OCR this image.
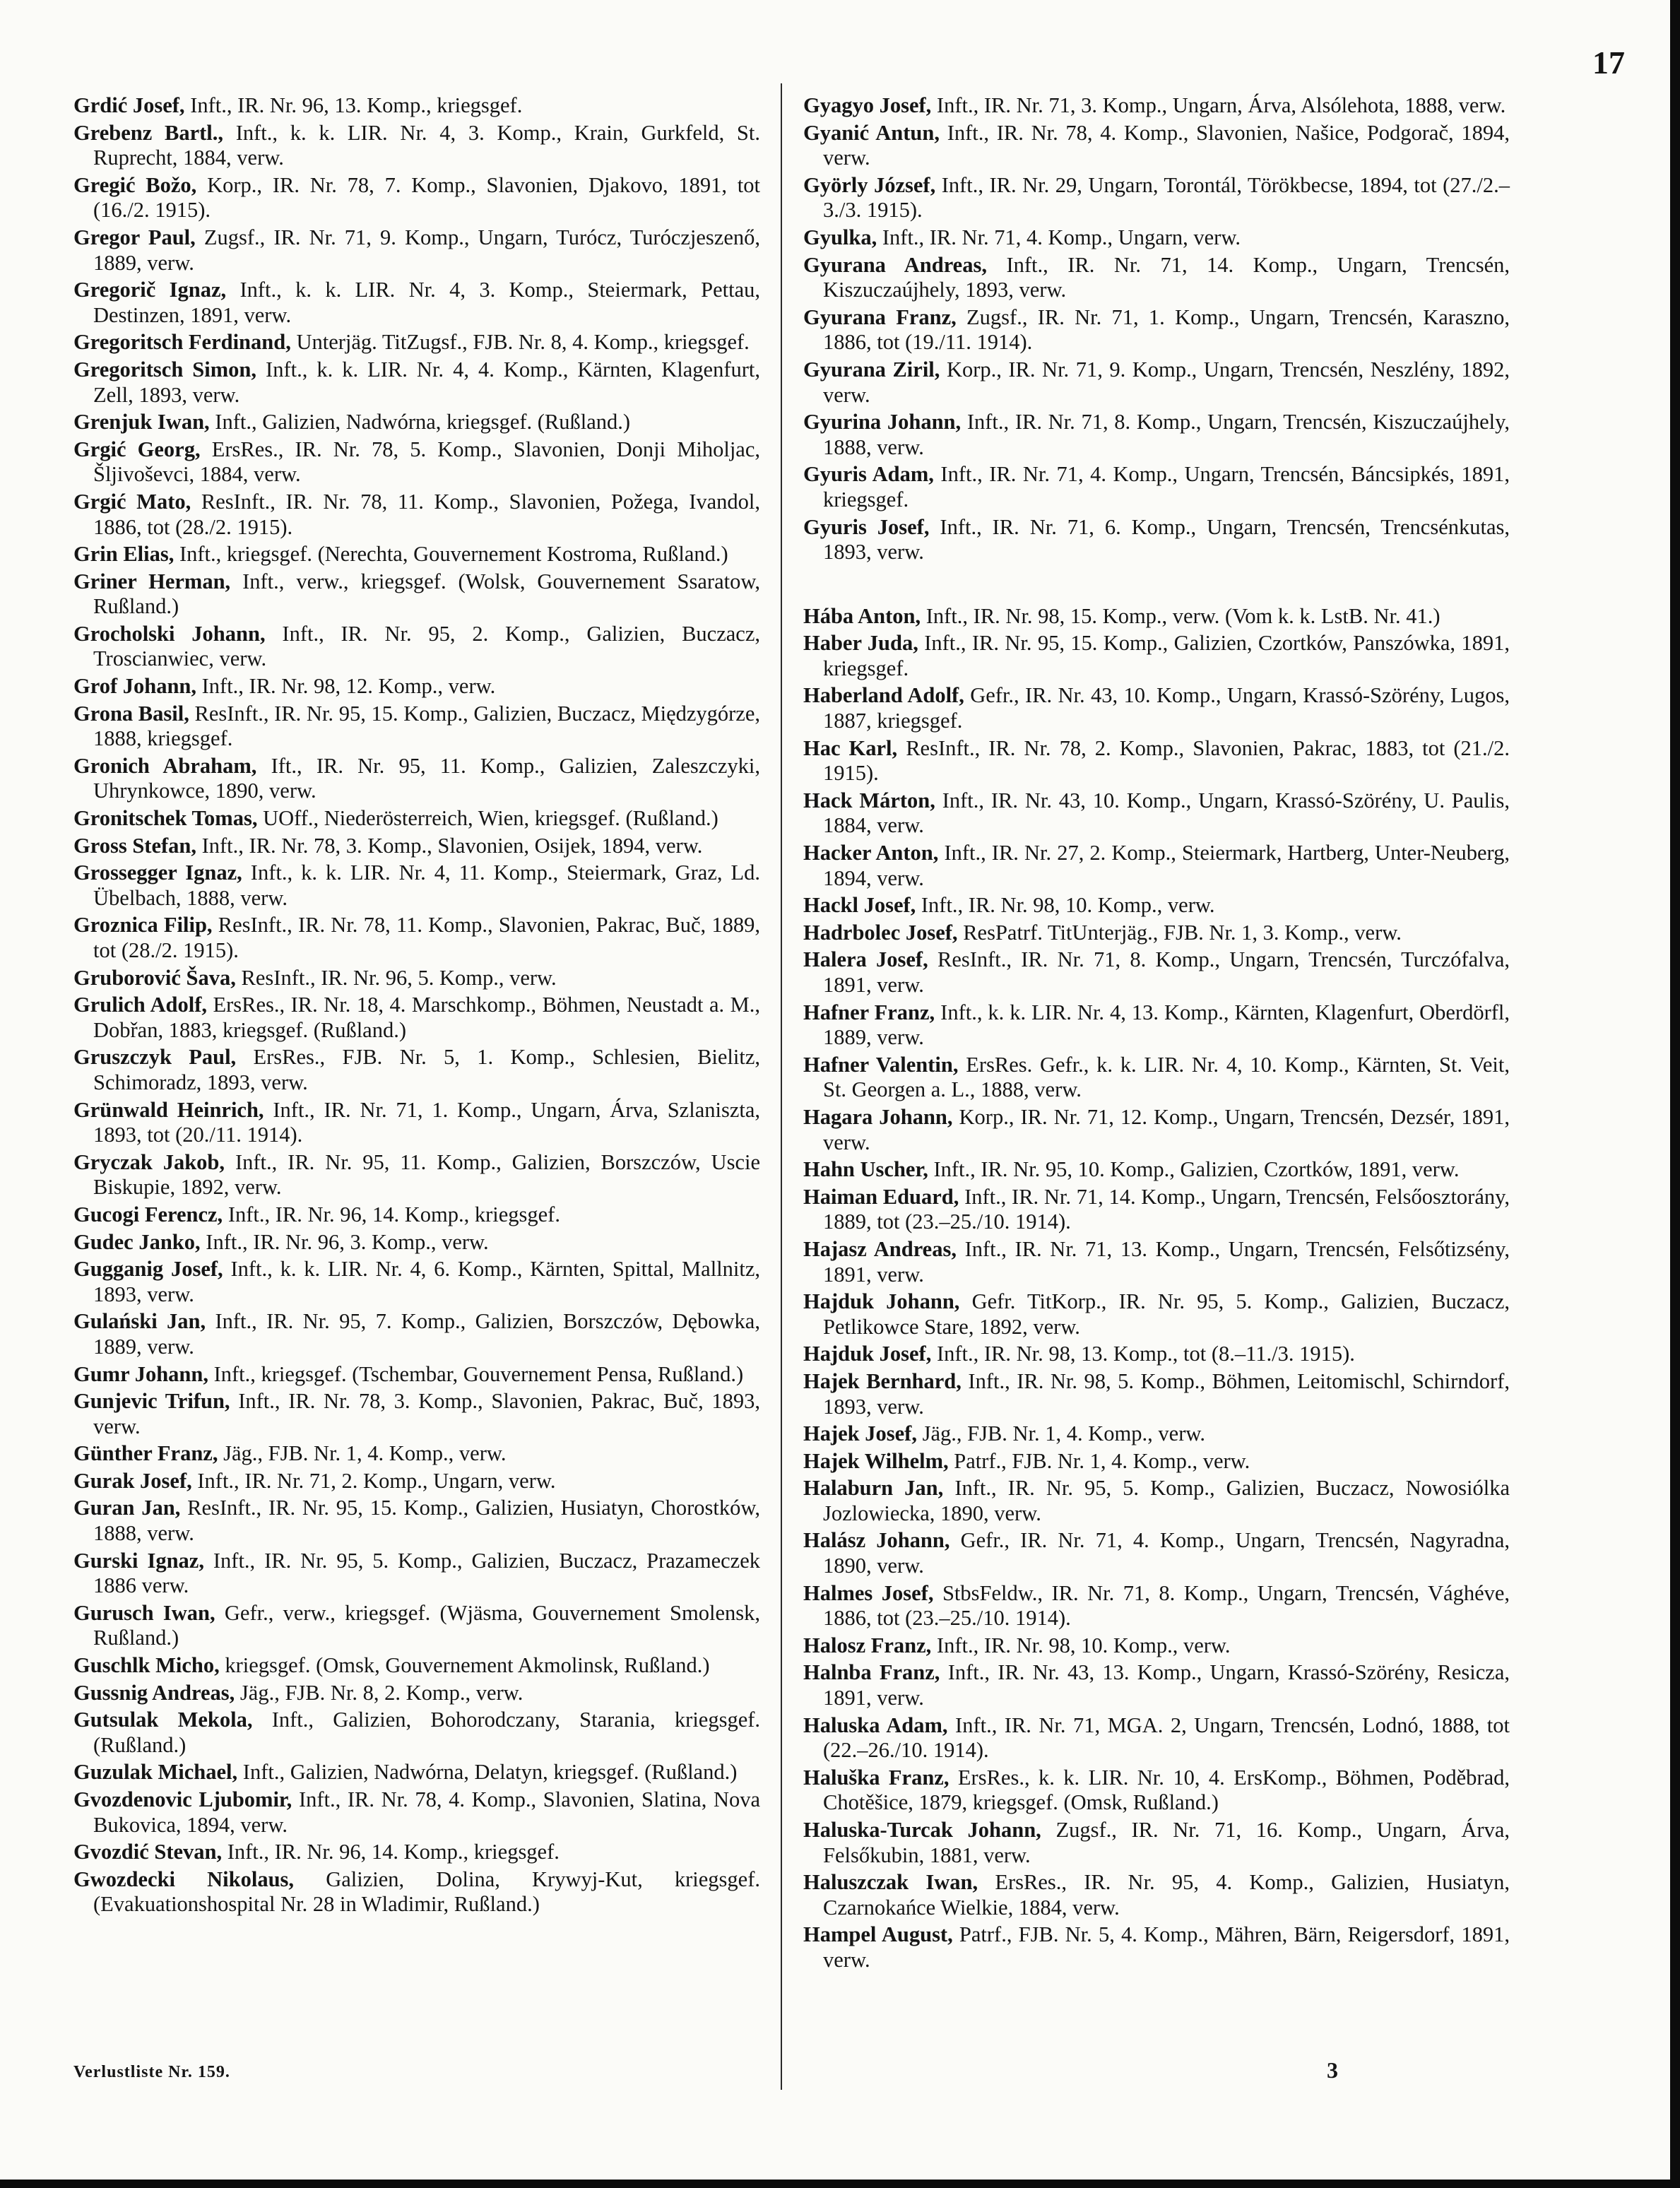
17

Grdić Josef, Inft., IR. Nr. 96, 13. Komp., kriegsgef.

Grebenz Bartl., Inft., k. k. LIR. Nr. 4, 3. Komp., Krain, Gurkfeld, St. Ruprecht, 1884, verw.

Gregić Božo, Korp., IR. Nr. 78, 7. Komp., Slavonien, Djakovo, 1891, tot (16./2. 1915).

Gregor Paul, Zugsf., IR. Nr. 71, 9. Komp., Ungarn, Turócz, Turóczjeszenő, 1889, verw.

Gregorič Ignaz, Inft., k. k. LIR. Nr. 4, 3. Komp., Steiermark, Pettau, Destinzen, 1891, verw.

Gregoritsch Ferdinand, Unterjäg. TitZugsf., FJB. Nr. 8, 4. Komp., kriegsgef.

Gregoritsch Simon, Inft., k. k. LIR. Nr. 4, 4. Komp., Kärnten, Klagenfurt, Zell, 1893, verw.

Grenjuk Iwan, Inft., Galizien, Nadwórna, kriegsgef. (Rußland.)

Grgić Georg, ErsRes., IR. Nr. 78, 5. Komp., Slavonien, Donji Miholjac, Šljivoševci, 1884, verw.

Grgić Mato, ResInft., IR. Nr. 78, 11. Komp., Slavonien, Požega, Ivandol, 1886, tot (28./2. 1915).

Grin Elias, Inft., kriegsgef. (Nerechta, Gouvernement Kostroma, Rußland.)

Griner Herman, Inft., verw., kriegsgef. (Wolsk, Gouvernement Ssaratow, Rußland.)

Grocholski Johann, Inft., IR. Nr. 95, 2. Komp., Galizien, Buczacz, Troscianwiec, verw.

Grof Johann, Inft., IR. Nr. 98, 12. Komp., verw.

Grona Basil, ResInft., IR. Nr. 95, 15. Komp., Galizien, Buczacz, Międzygórze, 1888, kriegsgef.

Gronich Abraham, Ift., IR. Nr. 95, 11. Komp., Galizien, Zaleszczyki, Uhrynkowce, 1890, verw.

Gronitschek Tomas, UOff., Niederösterreich, Wien, kriegsgef. (Rußland.)

Gross Stefan, Inft., IR. Nr. 78, 3. Komp., Slavonien, Osijek, 1894, verw.

Grossegger Ignaz, Inft., k. k. LIR. Nr. 4, 11. Komp., Steiermark, Graz, Ld. Übelbach, 1888, verw.

Groznica Filip, ResInft., IR. Nr. 78, 11. Komp., Slavonien, Pakrac, Buč, 1889, tot (28./2. 1915).

Gruborović Šava, ResInft., IR. Nr. 96, 5. Komp., verw.

Grulich Adolf, ErsRes., IR. Nr. 18, 4. Marschkomp., Böhmen, Neustadt a. M., Dobřan, 1883, kriegsgef. (Rußland.)

Gruszczyk Paul, ErsRes., FJB. Nr. 5, 1. Komp., Schlesien, Bielitz, Schimoradz, 1893, verw.

Grünwald Heinrich, Inft., IR. Nr. 71, 1. Komp., Ungarn, Árva, Szlaniszta, 1893, tot (20./11. 1914).

Gryczak Jakob, Inft., IR. Nr. 95, 11. Komp., Galizien, Borszczów, Uscie Biskupie, 1892, verw.

Gucogi Ferencz, Inft., IR. Nr. 96, 14. Komp., kriegsgef.

Gudec Janko, Inft., IR. Nr. 96, 3. Komp., verw.

Gugganig Josef, Inft., k. k. LIR. Nr. 4, 6. Komp., Kärnten, Spittal, Mallnitz, 1893, verw.

Gulański Jan, Inft., IR. Nr. 95, 7. Komp., Galizien, Borszczów, Dębowka, 1889, verw.

Gumr Johann, Inft., kriegsgef. (Tschembar, Gouvernement Pensa, Rußland.)

Gunjevic Trifun, Inft., IR. Nr. 78, 3. Komp., Slavonien, Pakrac, Buč, 1893, verw.

Günther Franz, Jäg., FJB. Nr. 1, 4. Komp., verw.

Gurak Josef, Inft., IR. Nr. 71, 2. Komp., Ungarn, verw.

Guran Jan, ResInft., IR. Nr. 95, 15. Komp., Galizien, Husiatyn, Chorostków, 1888, verw.

Gurski Ignaz, Inft., IR. Nr. 95, 5. Komp., Galizien, Buczacz, Prazameczek 1886 verw.

Gurusch Iwan, Gefr., verw., kriegsgef. (Wjäsma, Gouvernement Smolensk, Rußland.)

Guschlk Micho, kriegsgef. (Omsk, Gouvernement Akmolinsk, Rußland.)

Gussnig Andreas, Jäg., FJB. Nr. 8, 2. Komp., verw.

Gutsulak Mekola, Inft., Galizien, Bohorodczany, Starania, kriegsgef. (Rußland.)

Guzulak Michael, Inft., Galizien, Nadwórna, Delatyn, kriegsgef. (Rußland.)

Gvozdenovic Ljubomir, Inft., IR. Nr. 78, 4. Komp., Slavonien, Slatina, Nova Bukovica, 1894, verw.

Gvozdić Stevan, Inft., IR. Nr. 96, 14. Komp., kriegsgef.

Gwozdecki Nikolaus, Galizien, Dolina, Krywyj-Kut, kriegsgef. (Evakuationshospital Nr. 28 in Wladimir, Rußland.)

Gyagyo Josef, Inft., IR. Nr. 71, 3. Komp., Ungarn, Árva, Alsólehota, 1888, verw.

Gyanić Antun, Inft., IR. Nr. 78, 4. Komp., Slavonien, Našice, Podgorač, 1894, verw.

Györly József, Inft., IR. Nr. 29, Ungarn, Torontál, Törökbecse, 1894, tot (27./2.–3./3. 1915).

Gyulka, Inft., IR. Nr. 71, 4. Komp., Ungarn, verw.

Gyurana Andreas, Inft., IR. Nr. 71, 14. Komp., Ungarn, Trencsén, Kiszuczaújhely, 1893, verw.

Gyurana Franz, Zugsf., IR. Nr. 71, 1. Komp., Ungarn, Trencsén, Karaszno, 1886, tot (19./11. 1914).

Gyurana Ziril, Korp., IR. Nr. 71, 9. Komp., Ungarn, Trencsén, Neszlény, 1892, verw.

Gyurina Johann, Inft., IR. Nr. 71, 8. Komp., Ungarn, Trencsén, Kiszuczaújhely, 1888, verw.

Gyuris Adam, Inft., IR. Nr. 71, 4. Komp., Ungarn, Trencsén, Báncsipkés, 1891, kriegsgef.

Gyuris Josef, Inft., IR. Nr. 71, 6. Komp., Ungarn, Trencsén, Trencsénkutas, 1893, verw.

Hába Anton, Inft., IR. Nr. 98, 15. Komp., verw. (Vom k. k. LstB. Nr. 41.)

Haber Juda, Inft., IR. Nr. 95, 15. Komp., Galizien, Czortków, Panszówka, 1891, kriegsgef.

Haberland Adolf, Gefr., IR. Nr. 43, 10. Komp., Ungarn, Krassó-Szörény, Lugos, 1887, kriegsgef.

Hac Karl, ResInft., IR. Nr. 78, 2. Komp., Slavonien, Pakrac, 1883, tot (21./2. 1915).

Hack Márton, Inft., IR. Nr. 43, 10. Komp., Ungarn, Krassó-Szörény, U. Paulis, 1884, verw.

Hacker Anton, Inft., IR. Nr. 27, 2. Komp., Steiermark, Hartberg, Unter-Neuberg, 1894, verw.

Hackl Josef, Inft., IR. Nr. 98, 10. Komp., verw.

Hadrbolec Josef, ResPatrf. TitUnterjäg., FJB. Nr. 1, 3. Komp., verw.

Halera Josef, ResInft., IR. Nr. 71, 8. Komp., Ungarn, Trencsén, Turczófalva, 1891, verw.

Hafner Franz, Inft., k. k. LIR. Nr. 4, 13. Komp., Kärnten, Klagenfurt, Oberdörfl, 1889, verw.

Hafner Valentin, ErsRes. Gefr., k. k. LIR. Nr. 4, 10. Komp., Kärnten, St. Veit, St. Georgen a. L., 1888, verw.

Hagara Johann, Korp., IR. Nr. 71, 12. Komp., Ungarn, Trencsén, Dezsér, 1891, verw.

Hahn Uscher, Inft., IR. Nr. 95, 10. Komp., Galizien, Czortków, 1891, verw.

Haiman Eduard, Inft., IR. Nr. 71, 14. Komp., Ungarn, Trencsén, Felsőosztorány, 1889, tot (23.–25./10. 1914).

Hajasz Andreas, Inft., IR. Nr. 71, 13. Komp., Ungarn, Trencsén, Felsőtizsény, 1891, verw.

Hajduk Johann, Gefr. TitKorp., IR. Nr. 95, 5. Komp., Galizien, Buczacz, Petlikowce Stare, 1892, verw.

Hajduk Josef, Inft., IR. Nr. 98, 13. Komp., tot (8.–11./3. 1915).

Hajek Bernhard, Inft., IR. Nr. 98, 5. Komp., Böhmen, Leitomischl, Schirndorf, 1893, verw.

Hajek Josef, Jäg., FJB. Nr. 1, 4. Komp., verw.

Hajek Wilhelm, Patrf., FJB. Nr. 1, 4. Komp., verw.

Halaburn Jan, Inft., IR. Nr. 95, 5. Komp., Galizien, Buczacz, Nowosiólka Jozlowiecka, 1890, verw.

Halász Johann, Gefr., IR. Nr. 71, 4. Komp., Ungarn, Trencsén, Nagyradna, 1890, verw.

Halmes Josef, StbsFeldw., IR. Nr. 71, 8. Komp., Ungarn, Trencsén, Vághéve, 1886, tot (23.–25./10. 1914).

Halosz Franz, Inft., IR. Nr. 98, 10. Komp., verw.

Halnba Franz, Inft., IR. Nr. 43, 13. Komp., Ungarn, Krassó-Szörény, Resicza, 1891, verw.

Haluska Adam, Inft., IR. Nr. 71, MGA. 2, Ungarn, Trencsén, Lodnó, 1888, tot (22.–26./10. 1914).

Haluška Franz, ErsRes., k. k. LIR. Nr. 10, 4. ErsKomp., Böhmen, Poděbrad, Chotěšice, 1879, kriegsgef. (Omsk, Rußland.)

Haluska-Turcak Johann, Zugsf., IR. Nr. 71, 16. Komp., Ungarn, Árva, Felsőkubin, 1881, verw.

Haluszczak Iwan, ErsRes., IR. Nr. 95, 4. Komp., Galizien, Husiatyn, Czarnokańce Wielkie, 1884, verw.

Hampel August, Patrf., FJB. Nr. 5, 4. Komp., Mähren, Bärn, Reigersdorf, 1891, verw.

Verlustliste Nr. 159.	3
